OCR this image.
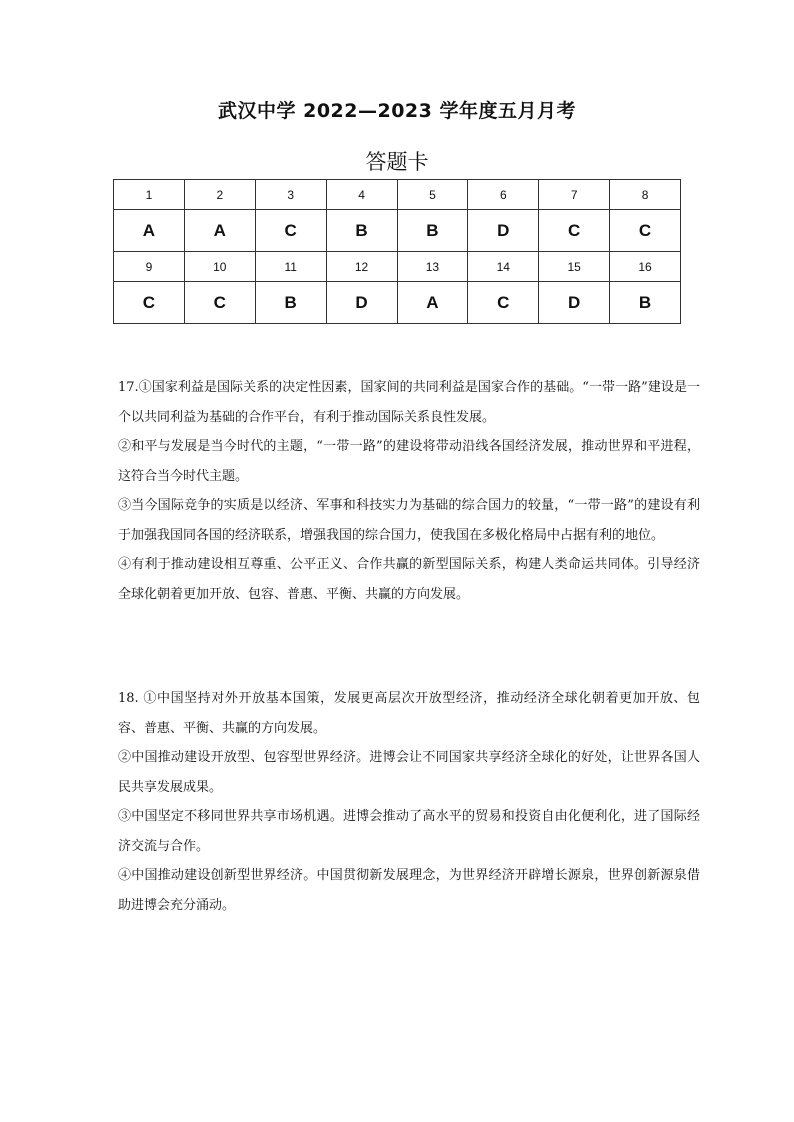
武汉中学 2022—2023 学年度五月月考
答题卡
1	2	3	4	5	6	7	8
A	A	C	B	B	D	C	C
9	10	11	12	13	14	15	16
C	C	B	D	A	C	D	B

17.①国家利益是国际关系的决定性因素，国家间的共同利益是国家合作的基础。“一带一路”建设是一个以共同利益为基础的合作平台，有利于推动国际关系良性发展。

②和平与发展是当今时代的主题，“一带一路”的建设将带动沿线各国经济发展，推动世界和平进程，这符合当今时代主题。

③当今国际竞争的实质是以经济、军事和科技实力为基础的综合国力的较量，“一带一路”的建设有利于加强我国同各国的经济联系，增强我国的综合国力，使我国在多极化格局中占据有利的地位。

④有利于推动建设相互尊重、公平正义、合作共赢的新型国际关系，构建人类命运共同体。引导经济全球化朝着更加开放、包容、普惠、平衡、共赢的方向发展。

18. ①中国坚持对外开放基本国策，发展更高层次开放型经济，推动经济全球化朝着更加开放、包容、普惠、平衡、共赢的方向发展。

②中国推动建设开放型、包容型世界经济。进博会让不同国家共享经济全球化的好处，让世界各国人民共享发展成果。

③中国坚定不移同世界共享市场机遇。进博会推动了高水平的贸易和投资自由化便利化，进了国际经济交流与合作。

④中国推动建设创新型世界经济。中国贯彻新发展理念，为世界经济开辟增长源泉，世界创新源泉借助进博会充分涌动。
